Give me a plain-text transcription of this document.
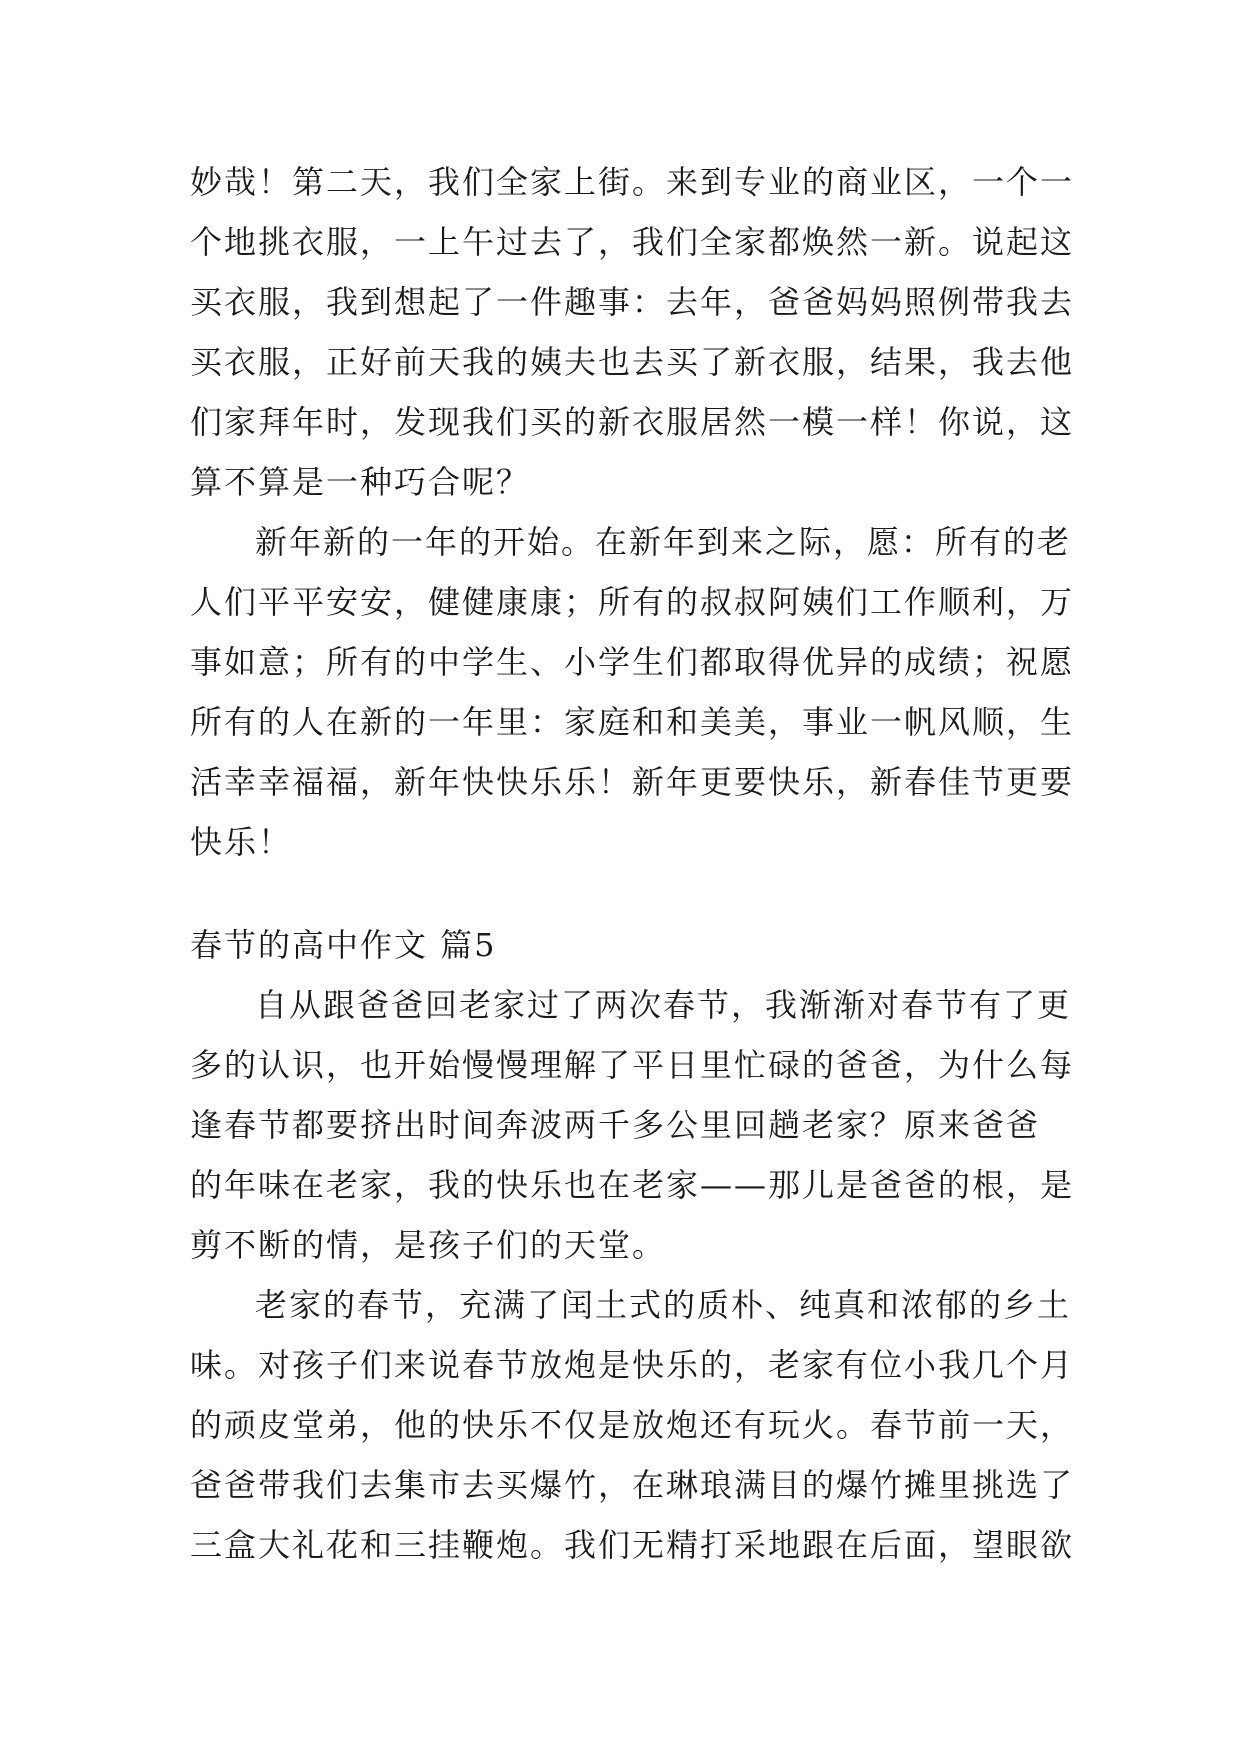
妙哉！第二天，我们全家上街。来到专业的商业区，一个一
个地挑衣服，一上午过去了，我们全家都焕然一新。说起这
买衣服，我到想起了一件趣事：去年，爸爸妈妈照例带我去
买衣服，正好前天我的姨夫也去买了新衣服，结果，我去他
们家拜年时，发现我们买的新衣服居然一模一样！你说，这
算不算是一种巧合呢？
新年新的一年的开始。在新年到来之际，愿：所有的老
人们平平安安，健健康康；所有的叔叔阿姨们工作顺利，万
事如意；所有的中学生、小学生们都取得优异的成绩；祝愿
所有的人在新的一年里：家庭和和美美，事业一帆风顺，生
活幸幸福福，新年快快乐乐！新年更要快乐，新春佳节更要
快乐！
春节的高中作文 篇5
自从跟爸爸回老家过了两次春节，我渐渐对春节有了更
多的认识，也开始慢慢理解了平日里忙碌的爸爸，为什么每
逢春节都要挤出时间奔波两千多公里回趟老家？原来爸爸
的年味在老家，我的快乐也在老家——那儿是爸爸的根，是
剪不断的情，是孩子们的天堂。
老家的春节，充满了闰土式的质朴、纯真和浓郁的乡土
味。对孩子们来说春节放炮是快乐的，老家有位小我几个月
的顽皮堂弟，他的快乐不仅是放炮还有玩火。春节前一天，
爸爸带我们去集市去买爆竹，在琳琅满目的爆竹摊里挑选了
三盒大礼花和三挂鞭炮。我们无精打采地跟在后面，望眼欲
